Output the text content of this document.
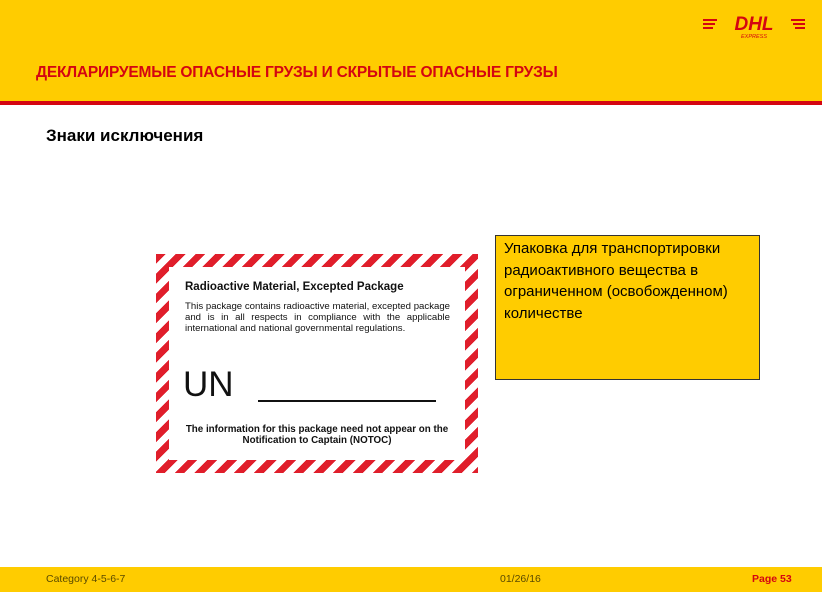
DHL
EXPRESS
ДЕКЛАРИРУЕМЫЕ ОПАСНЫЕ ГРУЗЫ И СКРЫТЫЕ ОПАСНЫЕ ГРУЗЫ
Знаки исключения
Radioactive Material, Excepted Package
This package contains radioactive material, excepted package and is in all respects in compliance with the applicable international and national governmental regulations.
UN
The information for this package need not appear on the Notification to Captain (NOTOC)
Упаковка для транспортировки радиоактивного вещества в ограниченном (освобожденном) количестве
Category 4-5-6-7	01/26/16	Page 53
